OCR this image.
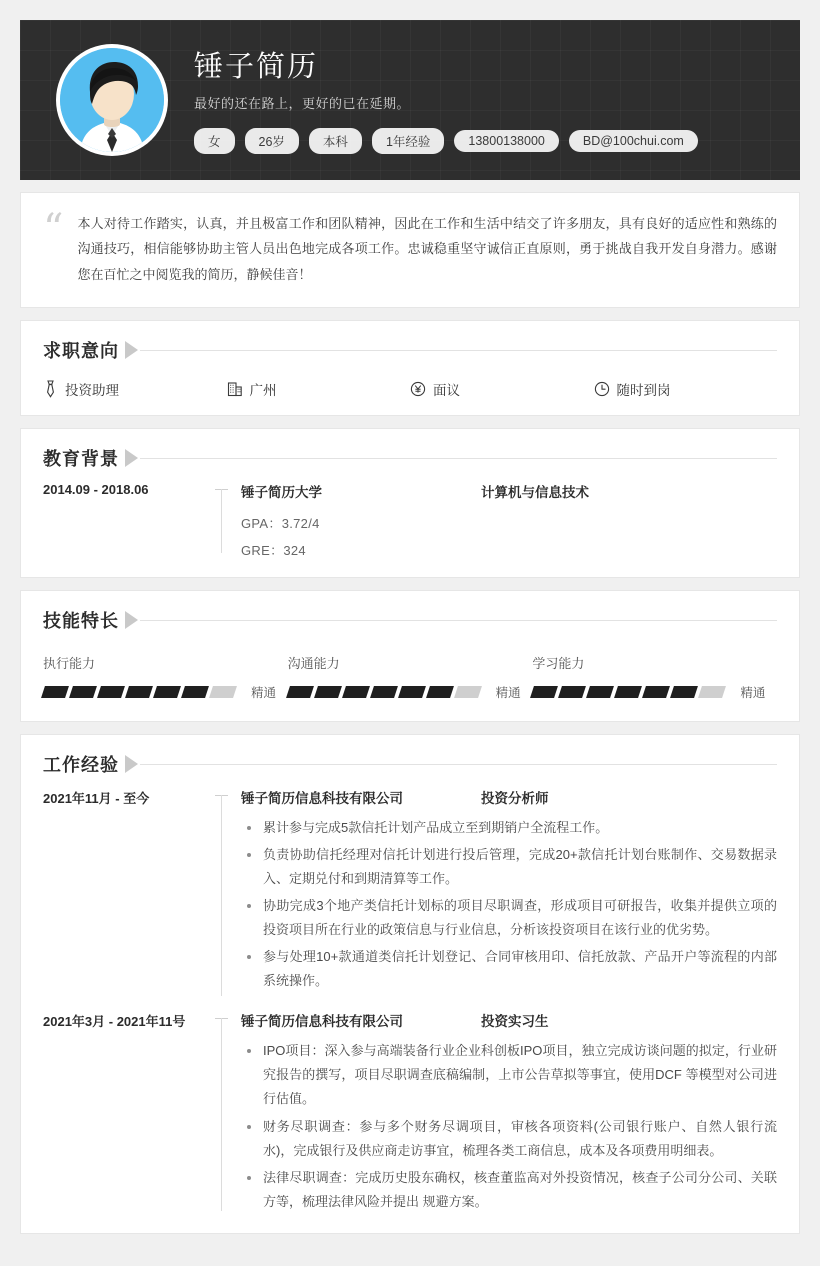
锤子简历
最好的还在路上，更好的已在延期。
女	26岁	本科	1年经验	13800138000	BD@100chui.com
“ 本人对待工作踏实，认真，并且极富工作和团队精神，因此在工作和生活中结交了许多朋友，具有良好的适应性和熟练的沟通技巧，相信能够协助主管人员出色地完成各项工作。忠诚稳重坚守诚信正直原则，勇于挑战自我开发自身潜力。感谢您在百忙之中阅览我的简历，静候佳音！
求职意向
投资助理	广州	面议	随时到岗
教育背景
2014.09 - 2018.06	锤子简历大学	计算机与信息技术
GPA：3.72/4
GRE：324
技能特长
执行能力
精通
沟通能力
精通
学习能力
精通
工作经验
2021年11月 - 至今	锤子简历信息科技有限公司	投资分析师
累计参与完成5款信托计划产品成立至到期销户全流程工作。
负责协助信托经理对信托计划进行投后管理，完成20+款信托计划台账制作、交易数据录入、定期兑付和到期清算等工作。
协助完成3个地产类信托计划标的项目尽职调查，形成项目可研报告，收集并提供立项的投资项目所在行业的政策信息与行业信息，分析该投资项目在该行业的优劣势。
参与处理10+款通道类信托计划登记、合同审核用印、信托放款、产品开户等流程的内部系统操作。
2021年3月 - 2021年11号	锤子简历信息科技有限公司	投资实习生
IPO项目：深入参与高端装备行业企业科创板IPO项目，独立完成访谈问题的拟定，行业研究报告的撰写，项目尽职调查底稿编制，上市公告草拟等事宜，使用DCF 等模型对公司进行估值。
财务尽职调查：参与多个财务尽调项目，审核各项资料(公司银行账户、自然人银行流水)，完成银行及供应商走访事宜，梳理各类工商信息，成本及各项费用明细表。
法律尽职调查：完成历史股东确权，核查董监高对外投资情况，核查子公司分公司、关联方等，梳理法律风险并提出 规避方案。
